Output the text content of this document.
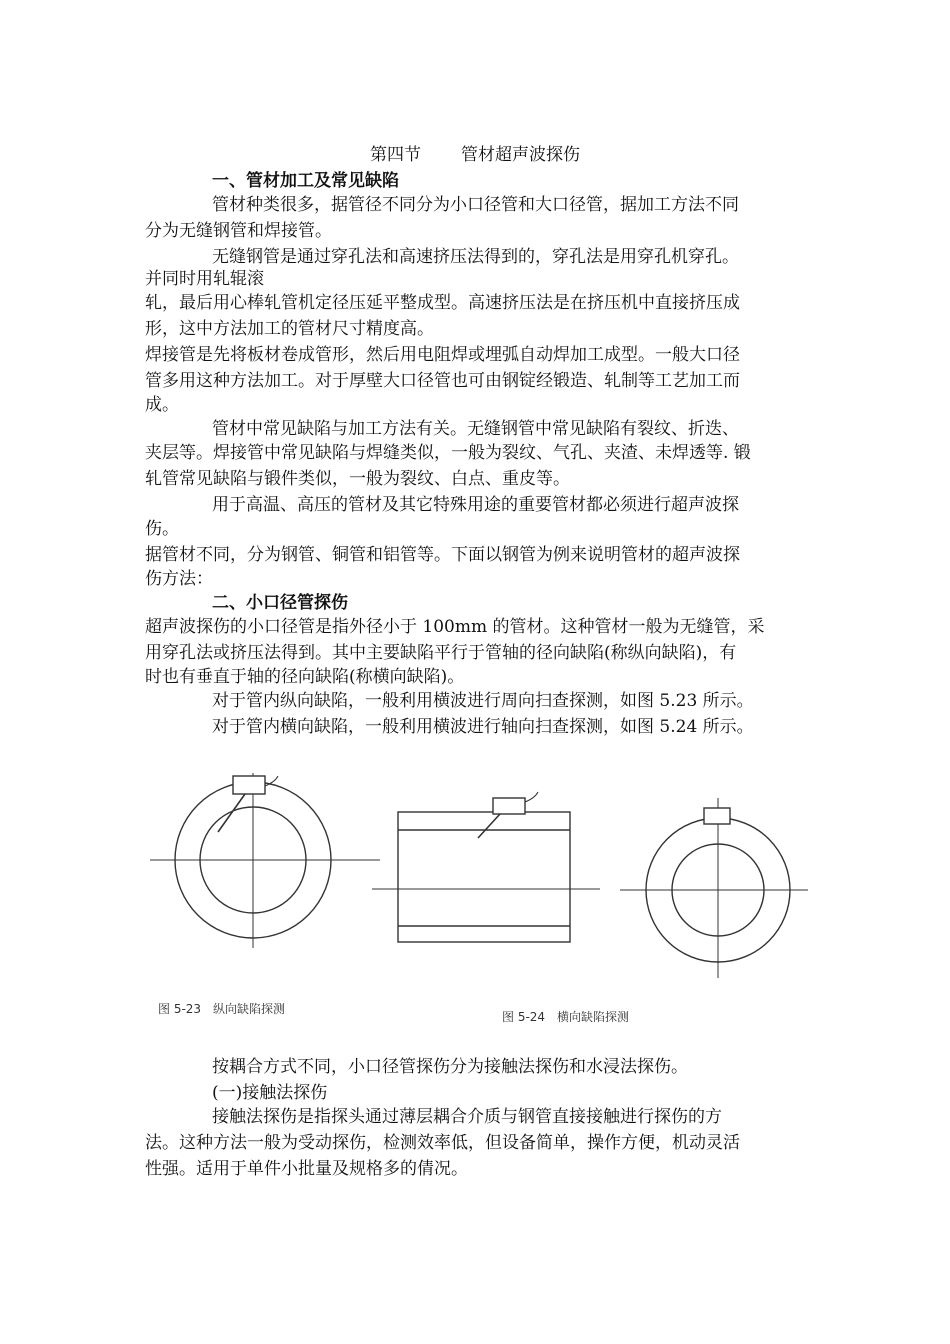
第四节 管材超声波探伤
一、管材加工及常见缺陷
管材种类很多，据管径不同分为小口径管和大口径管，据加工方法不同
分为无缝钢管和焊接管。
无缝钢管是通过穿孔法和高速挤压法得到的，穿孔法是用穿孔机穿孔。
并同时用轧辊滚
轧，最后用心棒轧管机定径压延平整成型。高速挤压法是在挤压机中直接挤压成
形，这中方法加工的管材尺寸精度高。
焊接管是先将板材卷成管形，然后用电阻焊或埋弧自动焊加工成型。一般大口径
管多用这种方法加工。对于厚壁大口径管也可由钢锭经锻造、轧制等工艺加工而
成。
管材中常见缺陷与加工方法有关。无缝钢管中常见缺陷有裂纹、折迭、
夹层等。焊接管中常见缺陷与焊缝类似，一般为裂纹、气孔、夹渣、未焊透等. 锻
轧管常见缺陷与锻件类似，一般为裂纹、白点、重皮等。
用于高温、高压的管材及其它特殊用途的重要管材都必须进行超声波探
伤。
据管材不同，分为钢管、铜管和铝管等。下面以钢管为例来说明管材的超声波探
伤方法：
二、小口径管探伤
超声波探伤的小口径管是指外径小于 100mm 的管材。这种管材一般为无缝管，采
用穿孔法或挤压法得到。其中主要缺陷平行于管轴的径向缺陷(称纵向缺陷)，有
时也有垂直于轴的径向缺陷(称横向缺陷)。
对于管内纵向缺陷，一般利用横波进行周向扫查探测，如图 5.23 所示。
对于管内横向缺陷，一般利用横波进行轴向扫查探测，如图 5.24 所示。
图 5-23　纵向缺陷探测
图 5-24　横向缺陷探测
按耦合方式不同，小口径管探伤分为接触法探伤和水浸法探伤。
(一)接触法探伤
接触法探伤是指探头通过薄层耦合介质与钢管直接接触进行探伤的方
法。这种方法一般为受动探伤，检测效率低，但设备简单，操作方便，机动灵活
性强。适用于单件小批量及规格多的倩况。
